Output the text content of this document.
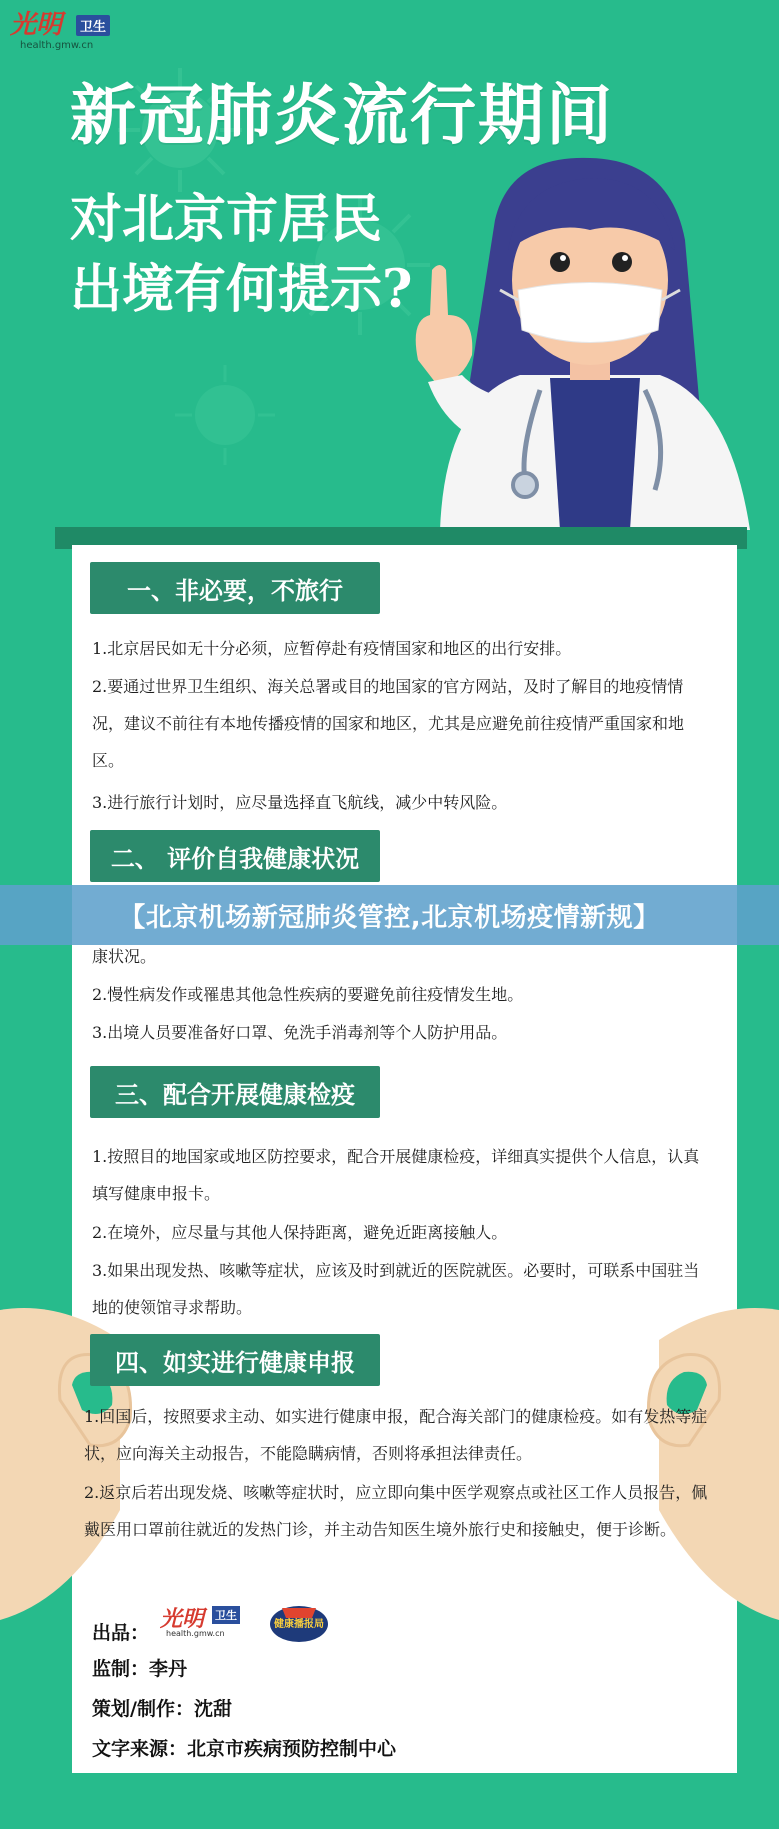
光明	卫生
health.gmw.cn
新冠肺炎流行期间
对北京市居民
出境有何提示?
一、非必要，不旅行
1.北京居民如无十分必须，应暂停赴有疫情国家和地区的出行安排。
2.要通过世界卫生组织、海关总署或目的地国家的官方网站，及时了解目的地疫情情况，建议不前往有本地传播疫情的国家和地区，尤其是应避免前往疫情严重国家和地区。
3.进行旅行计划时，应尽量选择直飞航线，减少中转风险。
二、 评价自我健康状况
康状况。
2.慢性病发作或罹患其他急性疾病的要避免前往疫情发生地。
3.出境人员要准备好口罩、免洗手消毒剂等个人防护用品。
三、配合开展健康检疫
1.按照目的地国家或地区防控要求，配合开展健康检疫，详细真实提供个人信息，认真填写健康申报卡。
2.在境外，应尽量与其他人保持距离，避免近距离接触人。
3.如果出现发热、咳嗽等症状，应该及时到就近的医院就医。必要时，可联系中国驻当地的使领馆寻求帮助。
四、如实进行健康申报
1.回国后，按照要求主动、如实进行健康申报，配合海关部门的健康检疫。如有发热等症状，应向海关主动报告，不能隐瞒病情，否则将承担法律责任。
2.返京后若出现发烧、咳嗽等症状时，应立即向集中医学观察点或社区工作人员报告，佩戴医用口罩前往就近的发热门诊，并主动告知医生境外旅行史和接触史，便于诊断。
出品：
光明 卫生
health.gmw.cn
健康播报局
监制：李丹
策划/制作：沈甜
文字来源：北京市疾病预防控制中心
【北京机场新冠肺炎管控,北京机场疫情新规】
